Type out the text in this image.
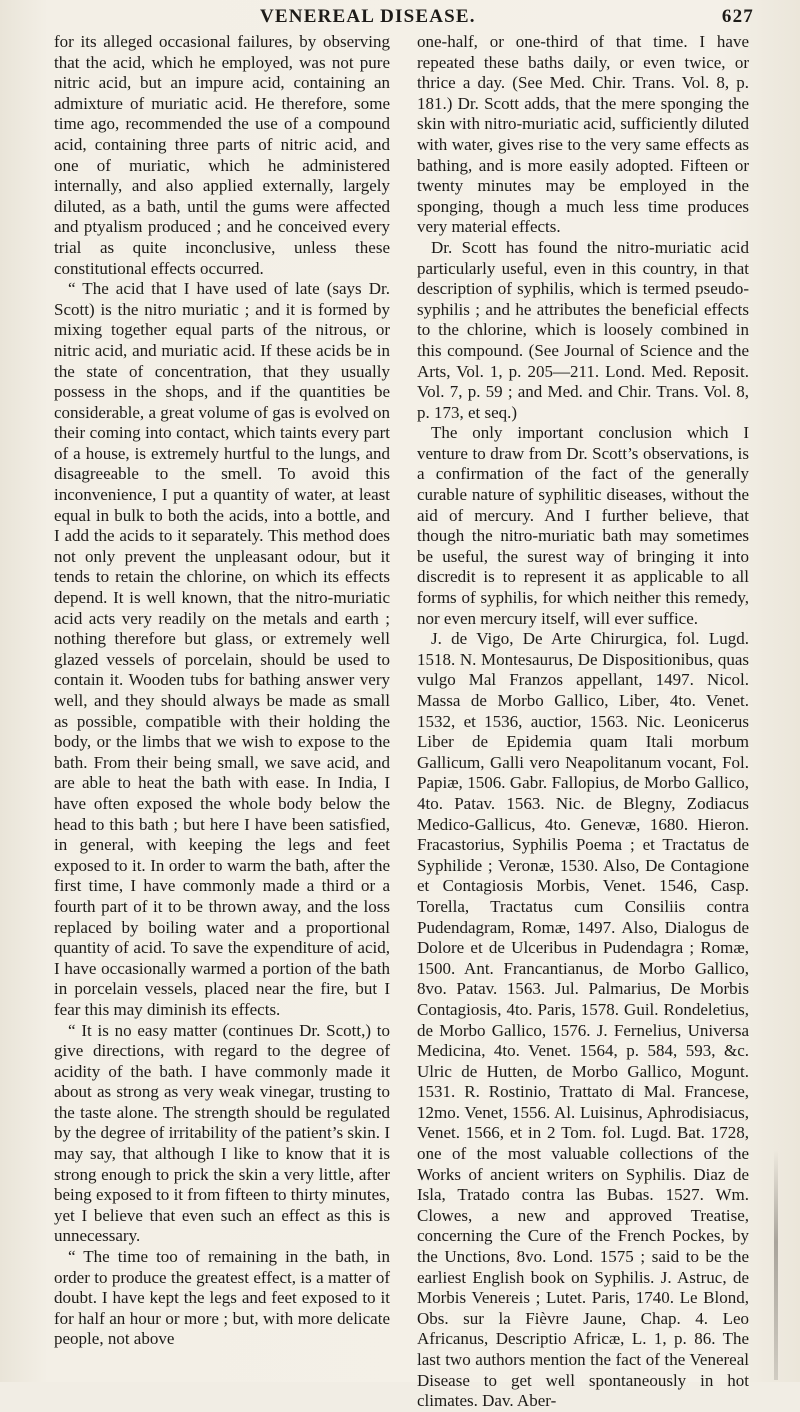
VENEREAL DISEASE.	627

for its alleged occasional failures, by observing that the acid, which he employed, was not pure nitric acid, but an impure acid, containing an admixture of muriatic acid. He therefore, some time ago, recommended the use of a compound acid, containing three parts of nitric acid, and one of muriatic, which he administered internally, and also applied externally, largely diluted, as a bath, until the gums were affected and ptyalism produced ; and he conceived every trial as quite inconclusive, unless these constitutional effects occurred.

“ The acid that I have used of late (says Dr. Scott) is the nitro muriatic ; and it is formed by mixing together equal parts of the nitrous, or nitric acid, and muriatic acid. If these acids be in the state of concentration, that they usually possess in the shops, and if the quantities be considerable, a great volume of gas is evolved on their coming into contact, which taints every part of a house, is extremely hurtful to the lungs, and disagreeable to the smell. To avoid this inconvenience, I put a quantity of water, at least equal in bulk to both the acids, into a bottle, and I add the acids to it separately. This method does not only prevent the unpleasant odour, but it tends to retain the chlorine, on which its effects depend. It is well known, that the nitro-muriatic acid acts very readily on the metals and earth ; nothing therefore but glass, or extremely well glazed vessels of porcelain, should be used to contain it. Wooden tubs for bathing answer very well, and they should always be made as small as possible, compatible with their holding the body, or the limbs that we wish to expose to the bath. From their being small, we save acid, and are able to heat the bath with ease. In India, I have often exposed the whole body below the head to this bath ; but here I have been satisfied, in general, with keeping the legs and feet exposed to it. In order to warm the bath, after the first time, I have commonly made a third or a fourth part of it to be thrown away, and the loss replaced by boiling water and a proportional quantity of acid. To save the expenditure of acid, I have occasionally warmed a portion of the bath in porcelain vessels, placed near the fire, but I fear this may diminish its effects.

“ It is no easy matter (continues Dr. Scott,) to give directions, with regard to the degree of acidity of the bath. I have commonly made it about as strong as very weak vinegar, trusting to the taste alone. The strength should be regulated by the degree of irritability of the patient’s skin. I may say, that although I like to know that it is strong enough to prick the skin a very little, after being exposed to it from fifteen to thirty minutes, yet I believe that even such an effect as this is unnecessary.

“ The time too of remaining in the bath, in order to produce the greatest effect, is a matter of doubt. I have kept the legs and feet exposed to it for half an hour or more ; but, with more delicate people, not above

one-half, or one-third of that time. I have repeated these baths daily, or even twice, or thrice a day. (See Med. Chir. Trans. Vol. 8, p. 181.) Dr. Scott adds, that the mere sponging the skin with nitro-muriatic acid, sufficiently diluted with water, gives rise to the very same effects as bathing, and is more easily adopted. Fifteen or twenty minutes may be employed in the sponging, though a much less time produces very material effects.

Dr. Scott has found the nitro-muriatic acid particularly useful, even in this country, in that description of syphilis, which is termed pseudo-syphilis ; and he attributes the beneficial effects to the chlorine, which is loosely combined in this compound. (See Journal of Science and the Arts, Vol. 1, p. 205—211. Lond. Med. Reposit. Vol. 7, p. 59 ; and Med. and Chir. Trans. Vol. 8, p. 173, et seq.)

The only important conclusion which I venture to draw from Dr. Scott’s observations, is a confirmation of the fact of the generally curable nature of syphilitic diseases, without the aid of mercury. And I further believe, that though the nitro-muriatic bath may sometimes be useful, the surest way of bringing it into discredit is to represent it as applicable to all forms of syphilis, for which neither this remedy, nor even mercury itself, will ever suffice.

J. de Vigo, De Arte Chirurgica, fol. Lugd. 1518. N. Montesaurus, De Dispositionibus, quas vulgo Mal Franzos appellant, 1497. Nicol. Massa de Morbo Gallico, Liber, 4to. Venet. 1532, et 1536, auctior, 1563. Nic. Leonicerus Liber de Epidemia quam Itali morbum Gallicum, Galli vero Neapolitanum vocant, Fol. Papiæ, 1506. Gabr. Fallopius, de Morbo Gallico, 4to. Patav. 1563. Nic. de Blegny, Zodiacus Medico-Gallicus, 4to. Genevæ, 1680. Hieron. Fracastorius, Syphilis Poema ; et Tractatus de Syphilide ; Veronæ, 1530. Also, De Contagione et Contagiosis Morbis, Venet. 1546, Casp. Torella, Tractatus cum Consiliis contra Pudendagram, Romæ, 1497. Also, Dialogus de Dolore et de Ulceribus in Pudendagra ; Romæ, 1500. Ant. Francantianus, de Morbo Gallico, 8vo. Patav. 1563. Jul. Palmarius, De Morbis Contagiosis, 4to. Paris, 1578. Guil. Rondeletius, de Morbo Gallico, 1576. J. Fernelius, Universa Medicina, 4to. Venet. 1564, p. 584, 593, &c. Ulric de Hutten, de Morbo Gallico, Mogunt. 1531. R. Rostinio, Trattato di Mal. Francese, 12mo. Venet, 1556. Al. Luisinus, Aphrodisiacus, Venet. 1566, et in 2 Tom. fol. Lugd. Bat. 1728, one of the most valuable collections of the Works of ancient writers on Syphilis. Diaz de Isla, Tratado contra las Bubas. 1527. Wm. Clowes, a new and approved Treatise, concerning the Cure of the French Pockes, by the Unctions, 8vo. Lond. 1575 ; said to be the earliest English book on Syphilis. J. Astruc, de Morbis Venereis ; Lutet. Paris, 1740. Le Blond, Obs. sur la Fièvre Jaune, Chap. 4. Leo Africanus, Descriptio Africæ, L. 1, p. 86. The last two authors mention the fact of the Venereal Disease to get well spontaneously in hot climates. Dav. Aber-
